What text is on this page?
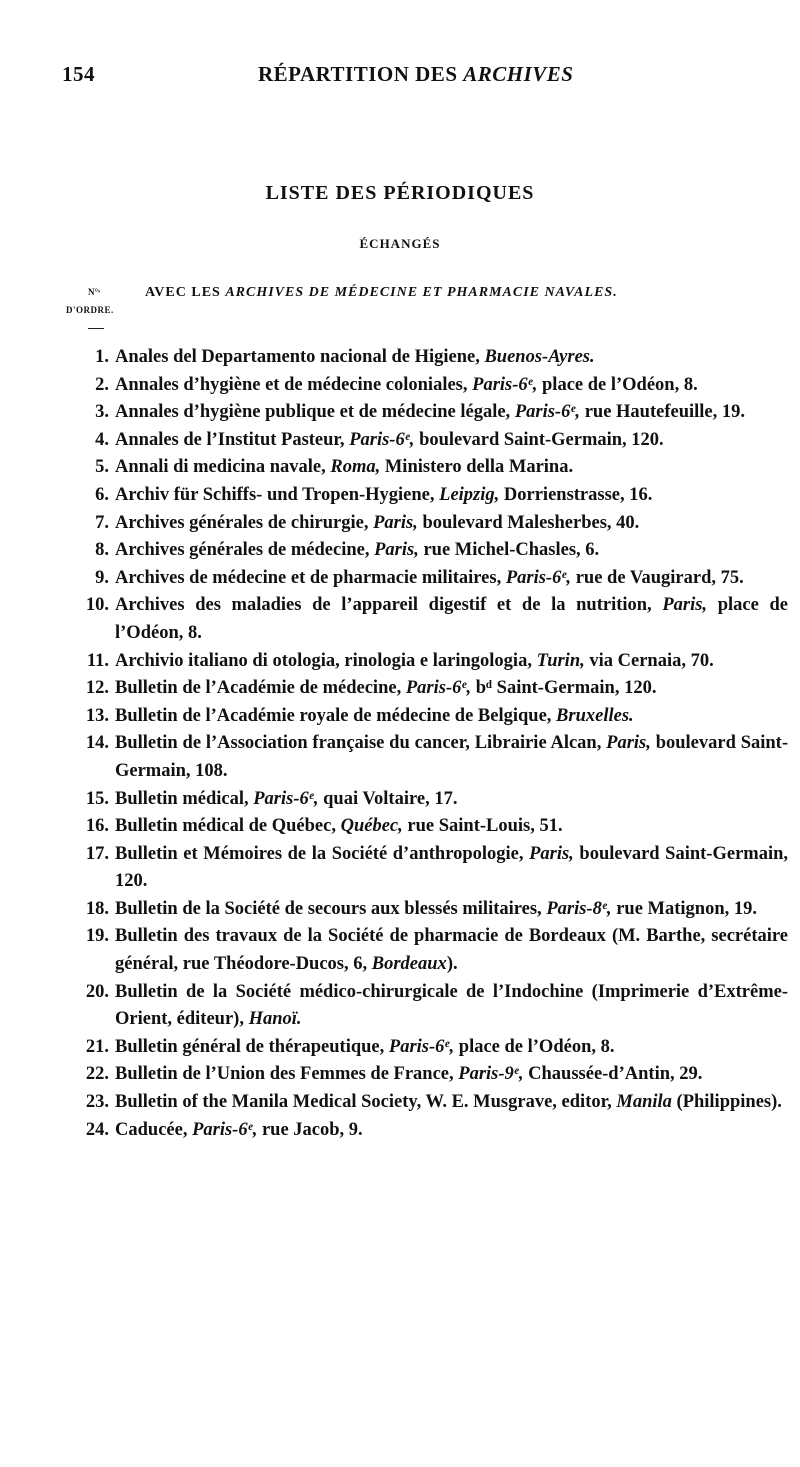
154	RÉPARTITION DES ARCHIVES
LISTE DES PÉRIODIQUES
ÉCHANGÉS
N°ˢ
D'ORDRE.
AVEC LES ARCHIVES DE MÉDECINE ET PHARMACIE NAVALES.
1. Anales del Departamento nacional de Higiene, Buenos-Ayres.
2. Annales d’hygiène et de médecine coloniales, Paris-6ᵉ, place de l’Odéon, 8.
3. Annales d’hygiène publique et de médecine légale, Paris-6ᵉ, rue Hautefeuille, 19.
4. Annales de l’Institut Pasteur, Paris-6ᵉ, boulevard Saint-Germain, 120.
5. Annali di medicina navale, Roma, Ministero della Marina.
6. Archiv für Schiffs- und Tropen-Hygiene, Leipzig, Dorrienstrasse, 16.
7. Archives générales de chirurgie, Paris, boulevard Malesherbes, 40.
8. Archives générales de médecine, Paris, rue Michel-Chasles, 6.
9. Archives de médecine et de pharmacie militaires, Paris-6ᵉ, rue de Vaugirard, 75.
10. Archives des maladies de l’appareil digestif et de la nutrition, Paris, place de l’Odéon, 8.
11. Archivio italiano di otologia, rinologia e laringologia, Turin, via Cernaia, 70.
12. Bulletin de l’Académie de médecine, Paris-6ᵉ, bᵈ Saint-Germain, 120.
13. Bulletin de l’Académie royale de médecine de Belgique, Bruxelles.
14. Bulletin de l’Association française du cancer, Librairie Alcan, Paris, boulevard Saint-Germain, 108.
15. Bulletin médical, Paris-6ᵉ, quai Voltaire, 17.
16. Bulletin médical de Québec, Québec, rue Saint-Louis, 51.
17. Bulletin et Mémoires de la Société d’anthropologie, Paris, boulevard Saint-Germain, 120.
18. Bulletin de la Société de secours aux blessés militaires, Paris-8ᵉ, rue Matignon, 19.
19. Bulletin des travaux de la Société de pharmacie de Bordeaux (M. Barthe, secrétaire général, rue Théodore-Ducos, 6, Bordeaux).
20. Bulletin de la Société médico-chirurgicale de l’Indochine (Imprimerie d’Extrême-Orient, éditeur), Hanoï.
21. Bulletin général de thérapeutique, Paris-6ᵉ, place de l’Odéon, 8.
22. Bulletin de l’Union des Femmes de France, Paris-9ᵉ, Chaussée-d’Antin, 29.
23. Bulletin of the Manila Medical Society, W. E. Musgrave, editor, Manila (Philippines).
24. Caducée, Paris-6ᵉ, rue Jacob, 9.
